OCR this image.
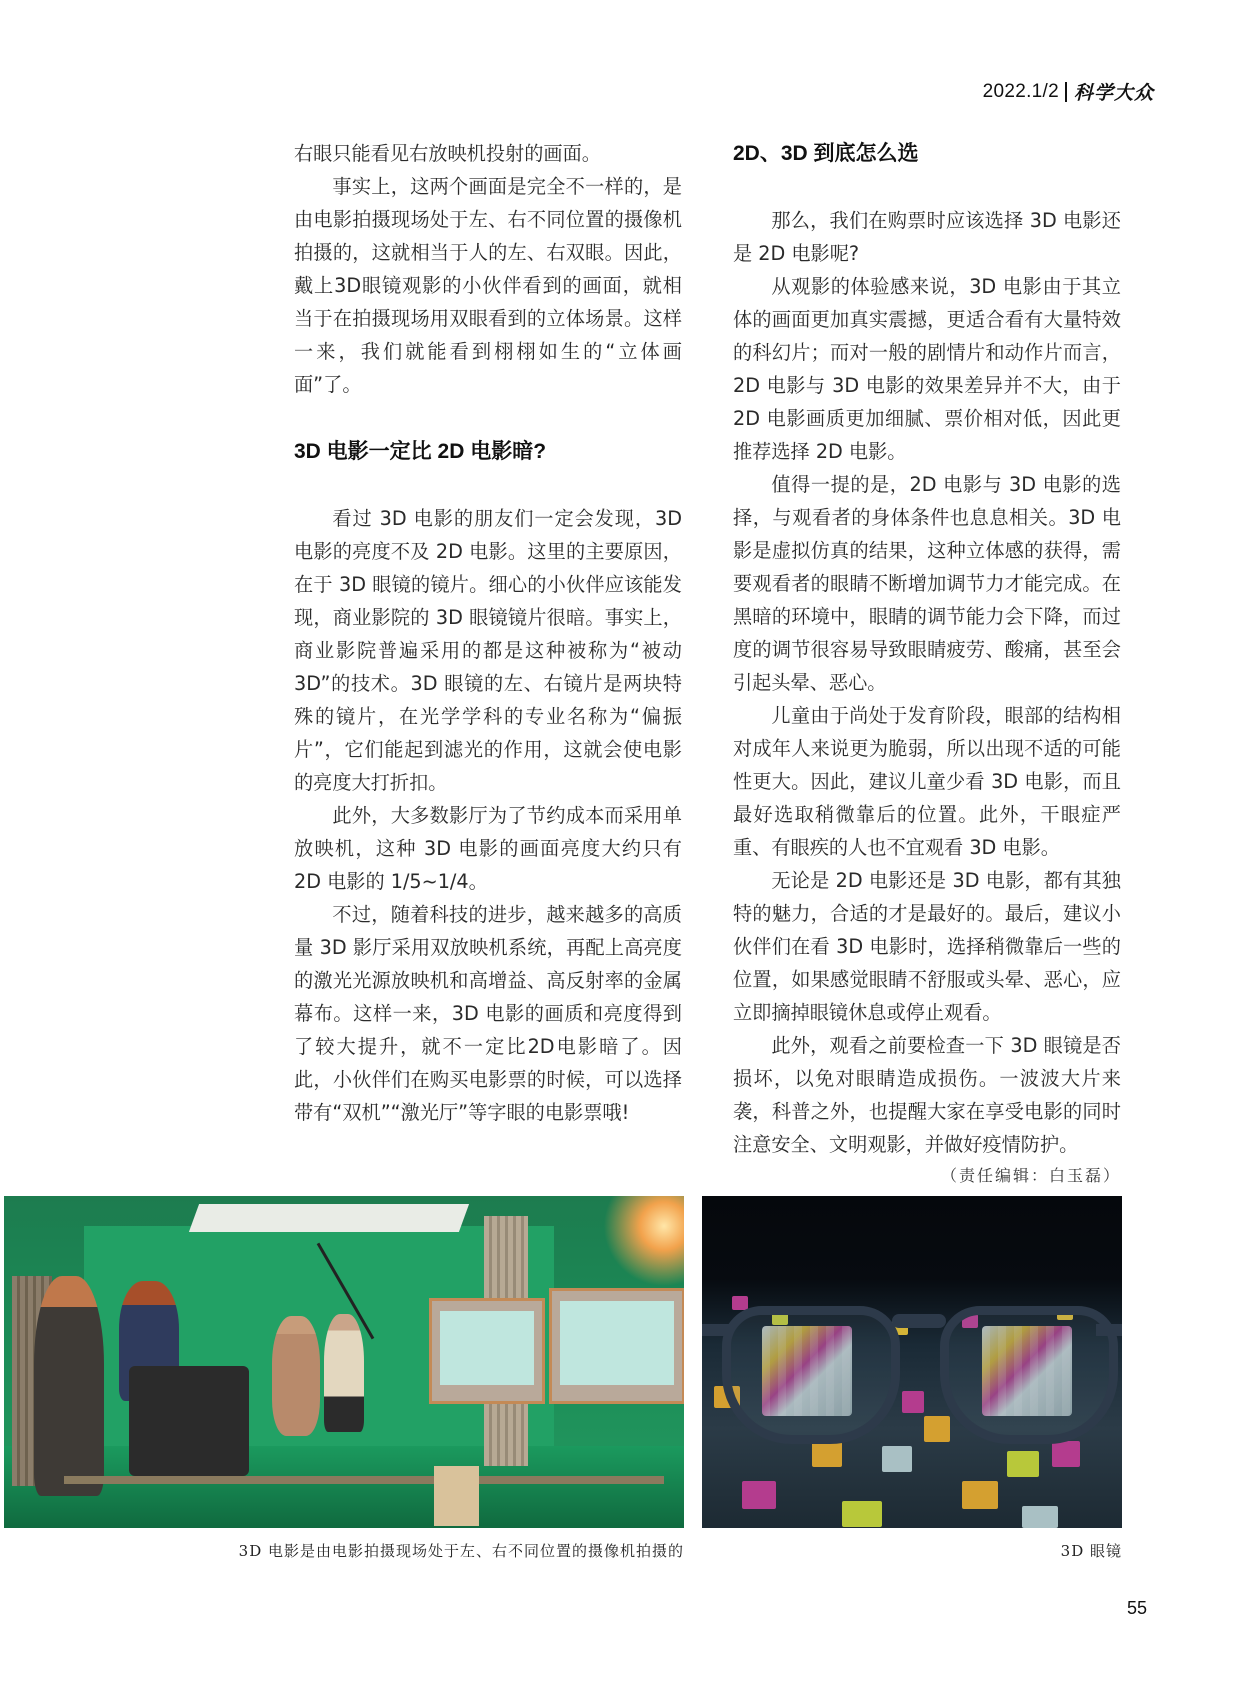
2022.1/2 科学大众

右眼只能看见右放映机投射的画面。

事实上，这两个画面是完全不一样的，是由电影拍摄现场处于左、右不同位置的摄像机拍摄的，这就相当于人的左、右双眼。因此，戴上3D眼镜观影的小伙伴看到的画面，就相当于在拍摄现场用双眼看到的立体场景。这样一来，我们就能看到栩栩如生的“立体画面”了。

3D 电影一定比 2D 电影暗?

看过 3D 电影的朋友们一定会发现，3D 电影的亮度不及 2D 电影。这里的主要原因，在于 3D 眼镜的镜片。细心的小伙伴应该能发现，商业影院的 3D 眼镜镜片很暗。事实上，商业影院普遍采用的都是这种被称为“被动 3D”的技术。3D 眼镜的左、右镜片是两块特殊的镜片，在光学学科的专业名称为“偏振片”，它们能起到滤光的作用，这就会使电影的亮度大打折扣。

此外，大多数影厅为了节约成本而采用单放映机，这种 3D 电影的画面亮度大约只有 2D 电影的 1/5~1/4。

不过，随着科技的进步，越来越多的高质量 3D 影厅采用双放映机系统，再配上高亮度的激光光源放映机和高增益、高反射率的金属幕布。这样一来，3D 电影的画质和亮度得到了较大提升，就不一定比2D电影暗了。因此，小伙伴们在购买电影票的时候，可以选择带有“双机”“激光厅”等字眼的电影票哦!

2D、3D 到底怎么选

那么，我们在购票时应该选择 3D 电影还是 2D 电影呢?

从观影的体验感来说，3D 电影由于其立体的画面更加真实震撼，更适合看有大量特效的科幻片；而对一般的剧情片和动作片而言，2D 电影与 3D 电影的效果差异并不大，由于 2D 电影画质更加细腻、票价相对低，因此更推荐选择 2D 电影。

值得一提的是，2D 电影与 3D 电影的选择，与观看者的身体条件也息息相关。3D 电影是虚拟仿真的结果，这种立体感的获得，需要观看者的眼睛不断增加调节力才能完成。在黑暗的环境中，眼睛的调节能力会下降，而过度的调节很容易导致眼睛疲劳、酸痛，甚至会引起头晕、恶心。

儿童由于尚处于发育阶段，眼部的结构相对成年人来说更为脆弱，所以出现不适的可能性更大。因此，建议儿童少看 3D 电影，而且最好选取稍微靠后的位置。此外，干眼症严重、有眼疾的人也不宜观看 3D 电影。

无论是 2D 电影还是 3D 电影，都有其独特的魅力，合适的才是最好的。最后，建议小伙伴们在看 3D 电影时，选择稍微靠后一些的位置，如果感觉眼睛不舒服或头晕、恶心，应立即摘掉眼镜休息或停止观看。

此外，观看之前要检查一下 3D 眼镜是否损坏，以免对眼睛造成损伤。一波波大片来袭，科普之外，也提醒大家在享受电影的同时注意安全、文明观影，并做好疫情防护。

（责任编辑：白玉磊）
3D 电影是由电影拍摄现场处于左、右不同位置的摄像机拍摄的	3D 眼镜
55
